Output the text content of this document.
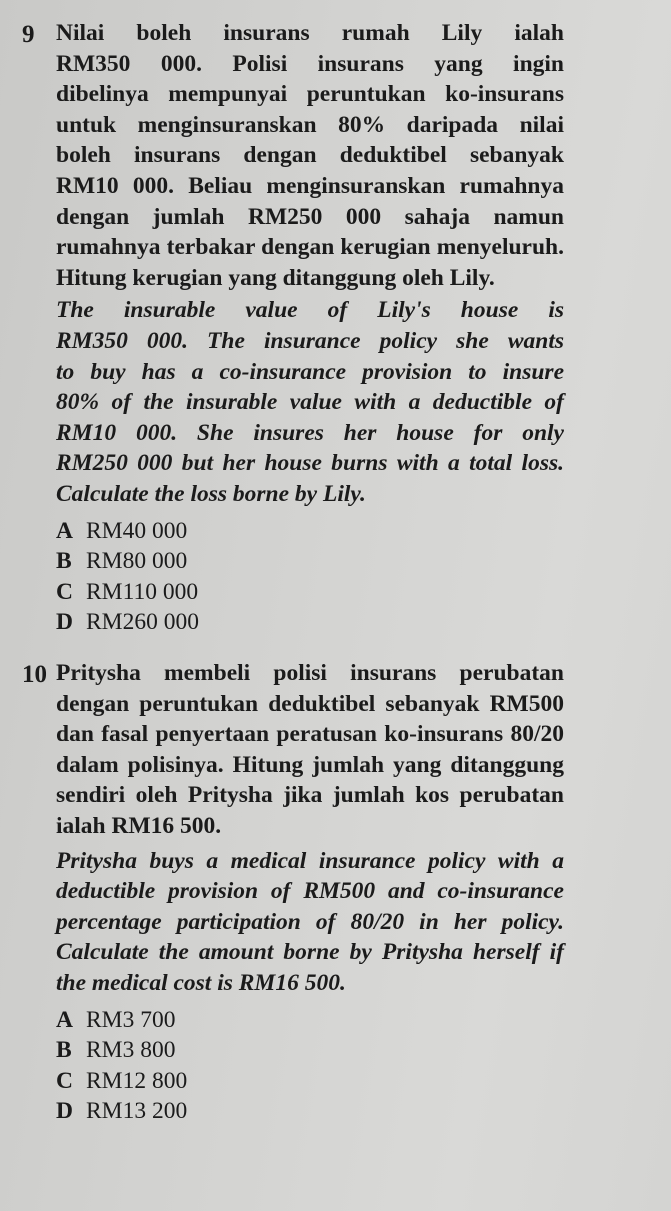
9 Nilai boleh insurans rumah Lily ialah
RM350 000. Polisi insurans yang ingin
dibelinya mempunyai peruntukan ko-insurans
untuk menginsuranskan 80% daripada nilai
boleh insurans dengan deduktibel sebanyak
RM10 000. Beliau menginsuranskan rumahnya
dengan jumlah RM250 000 sahaja namun
rumahnya terbakar dengan kerugian menyeluruh.
Hitung kerugian yang ditanggung oleh Lily.
The insurable value of Lily's house is
RM350 000. The insurance policy she wants
to buy has a co-insurance provision to insure
80% of the insurable value with a deductible of
RM10 000. She insures her house for only
RM250 000 but her house burns with a total loss.
Calculate the loss borne by Lily.
A RM40 000
B RM80 000
C RM110 000
D RM260 000
10 Pritysha membeli polisi insurans perubatan
dengan peruntukan deduktibel sebanyak RM500
dan fasal penyertaan peratusan ko-insurans 80/20
dalam polisinya. Hitung jumlah yang ditanggung
sendiri oleh Pritysha jika jumlah kos perubatan
ialah RM16 500.
Pritysha buys a medical insurance policy with a
deductible provision of RM500 and co-insurance
percentage participation of 80/20 in her policy.
Calculate the amount borne by Pritysha herself if
the medical cost is RM16 500.
A RM3 700
B RM3 800
C RM12 800
D RM13 200
